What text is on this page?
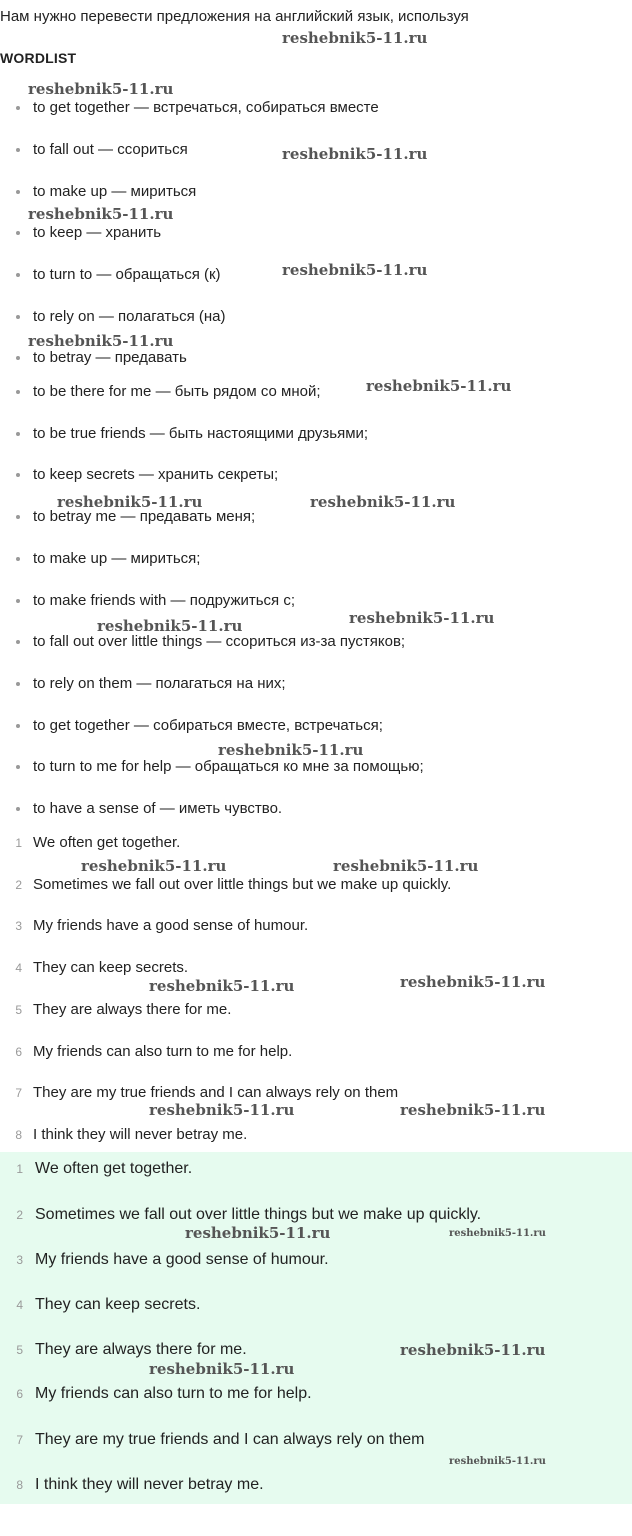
Нам нужно перевести предложения на английский язык, используя
WORDLIST
reshebnik5-11.ru
reshebnik5-11.ru
reshebnik5-11.ru
reshebnik5-11.ru
reshebnik5-11.ru
reshebnik5-11.ru
reshebnik5-11.ru
reshebnik5-11.ru	reshebnik5-11.ru
reshebnik5-11.ru
reshebnik5-11.ru
reshebnik5-11.ru
reshebnik5-11.ru	reshebnik5-11.ru
reshebnik5-11.ru
reshebnik5-11.ru
reshebnik5-11.ru	reshebnik5-11.ru
to get together — встречаться, собираться вместе
to fall out — ссориться
to make up — мириться
to keep — хранить
to turn to — обращаться (к)
to rely on — полагаться (на)
to betray — предавать
to be there for me — быть рядом со мной;
to be true friends — быть настоящими друзьями;
to keep secrets — хранить секреты;
to betray me — предавать меня;
to make up — мириться;
to make friends with — подружиться с;
to fall out over little things — ссориться из-за пустяков;
to rely on them — полагаться на них;
to get together — собираться вместе, встречаться;
to turn to me for help — обращаться ко мне за помощью;
to have a sense of — иметь чувство.
1 We often get together.
2 Sometimes we fall out over little things but we make up quickly.
3 My friends have a good sense of humour.
4 They can keep secrets.
5 They are always there for me.
6 My friends can also turn to me for help.
7 They are my true friends and I can always rely on them
8 I think they will never betray me.
reshebnik5-11.ru	reshebnik5-11.ru
reshebnik5-11.ru
reshebnik5-11.ru
reshebnik5-11.ru
1 We often get together.
2 Sometimes we fall out over little things but we make up quickly.
3 My friends have a good sense of humour.
4 They can keep secrets.
5 They are always there for me.
6 My friends can also turn to me for help.
7 They are my true friends and I can always rely on them
8 I think they will never betray me.
